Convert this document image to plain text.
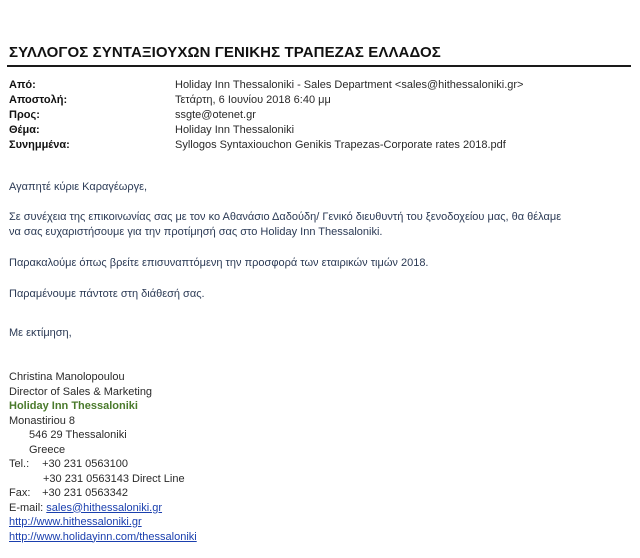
ΣΥΛΛΟΓΟΣ ΣΥΝΤΑΞΙΟΥΧΩΝ ΓΕΝΙΚΗΣ ΤΡΑΠΕΖΑΣ ΕΛΛΑΔΟΣ
Από:	Holiday Inn Thessaloniki - Sales Department <sales@hithessaloniki.gr>
Αποστολή:	Τετάρτη, 6 Ιουνίου 2018 6:40 μμ
Προς:	ssgte@otenet.gr
Θέμα:	Holiday Inn Thessaloniki
Συνημμένα:	Syllogos Syntaxiouchon Genikis Trapezas-Corporate rates 2018.pdf

Αγαπητέ κύριε Καραγέωργε,

Σε συνέχεια της επικοινωνίας σας με τον κο Αθανάσιο Δαδούδη/ Γενικό διευθυντή του ξενοδοχείου μας, θα θέλαμε
να σας ευχαριστήσουμε για την προτίμησή σας στο Holiday Inn Thessaloniki.

Παρακαλούμε όπως βρείτε επισυναπτόμενη την προσφορά των εταιρικών τιμών 2018.

Παραμένουμε πάντοτε στη διάθεσή σας.

Με εκτίμηση,

Christina Manolopoulou
Director of Sales & Marketing
Holiday Inn Thessaloniki
Monastiriou 8
546 29 Thessaloniki
Greece
Tel.: +30 231 0563100
+30 231 0563143 Direct Line
Fax: +30 231 0563342
E-mail: sales@hithessaloniki.gr
http://www.hithessaloniki.gr
http://www.holidayinn.com/thessaloniki
